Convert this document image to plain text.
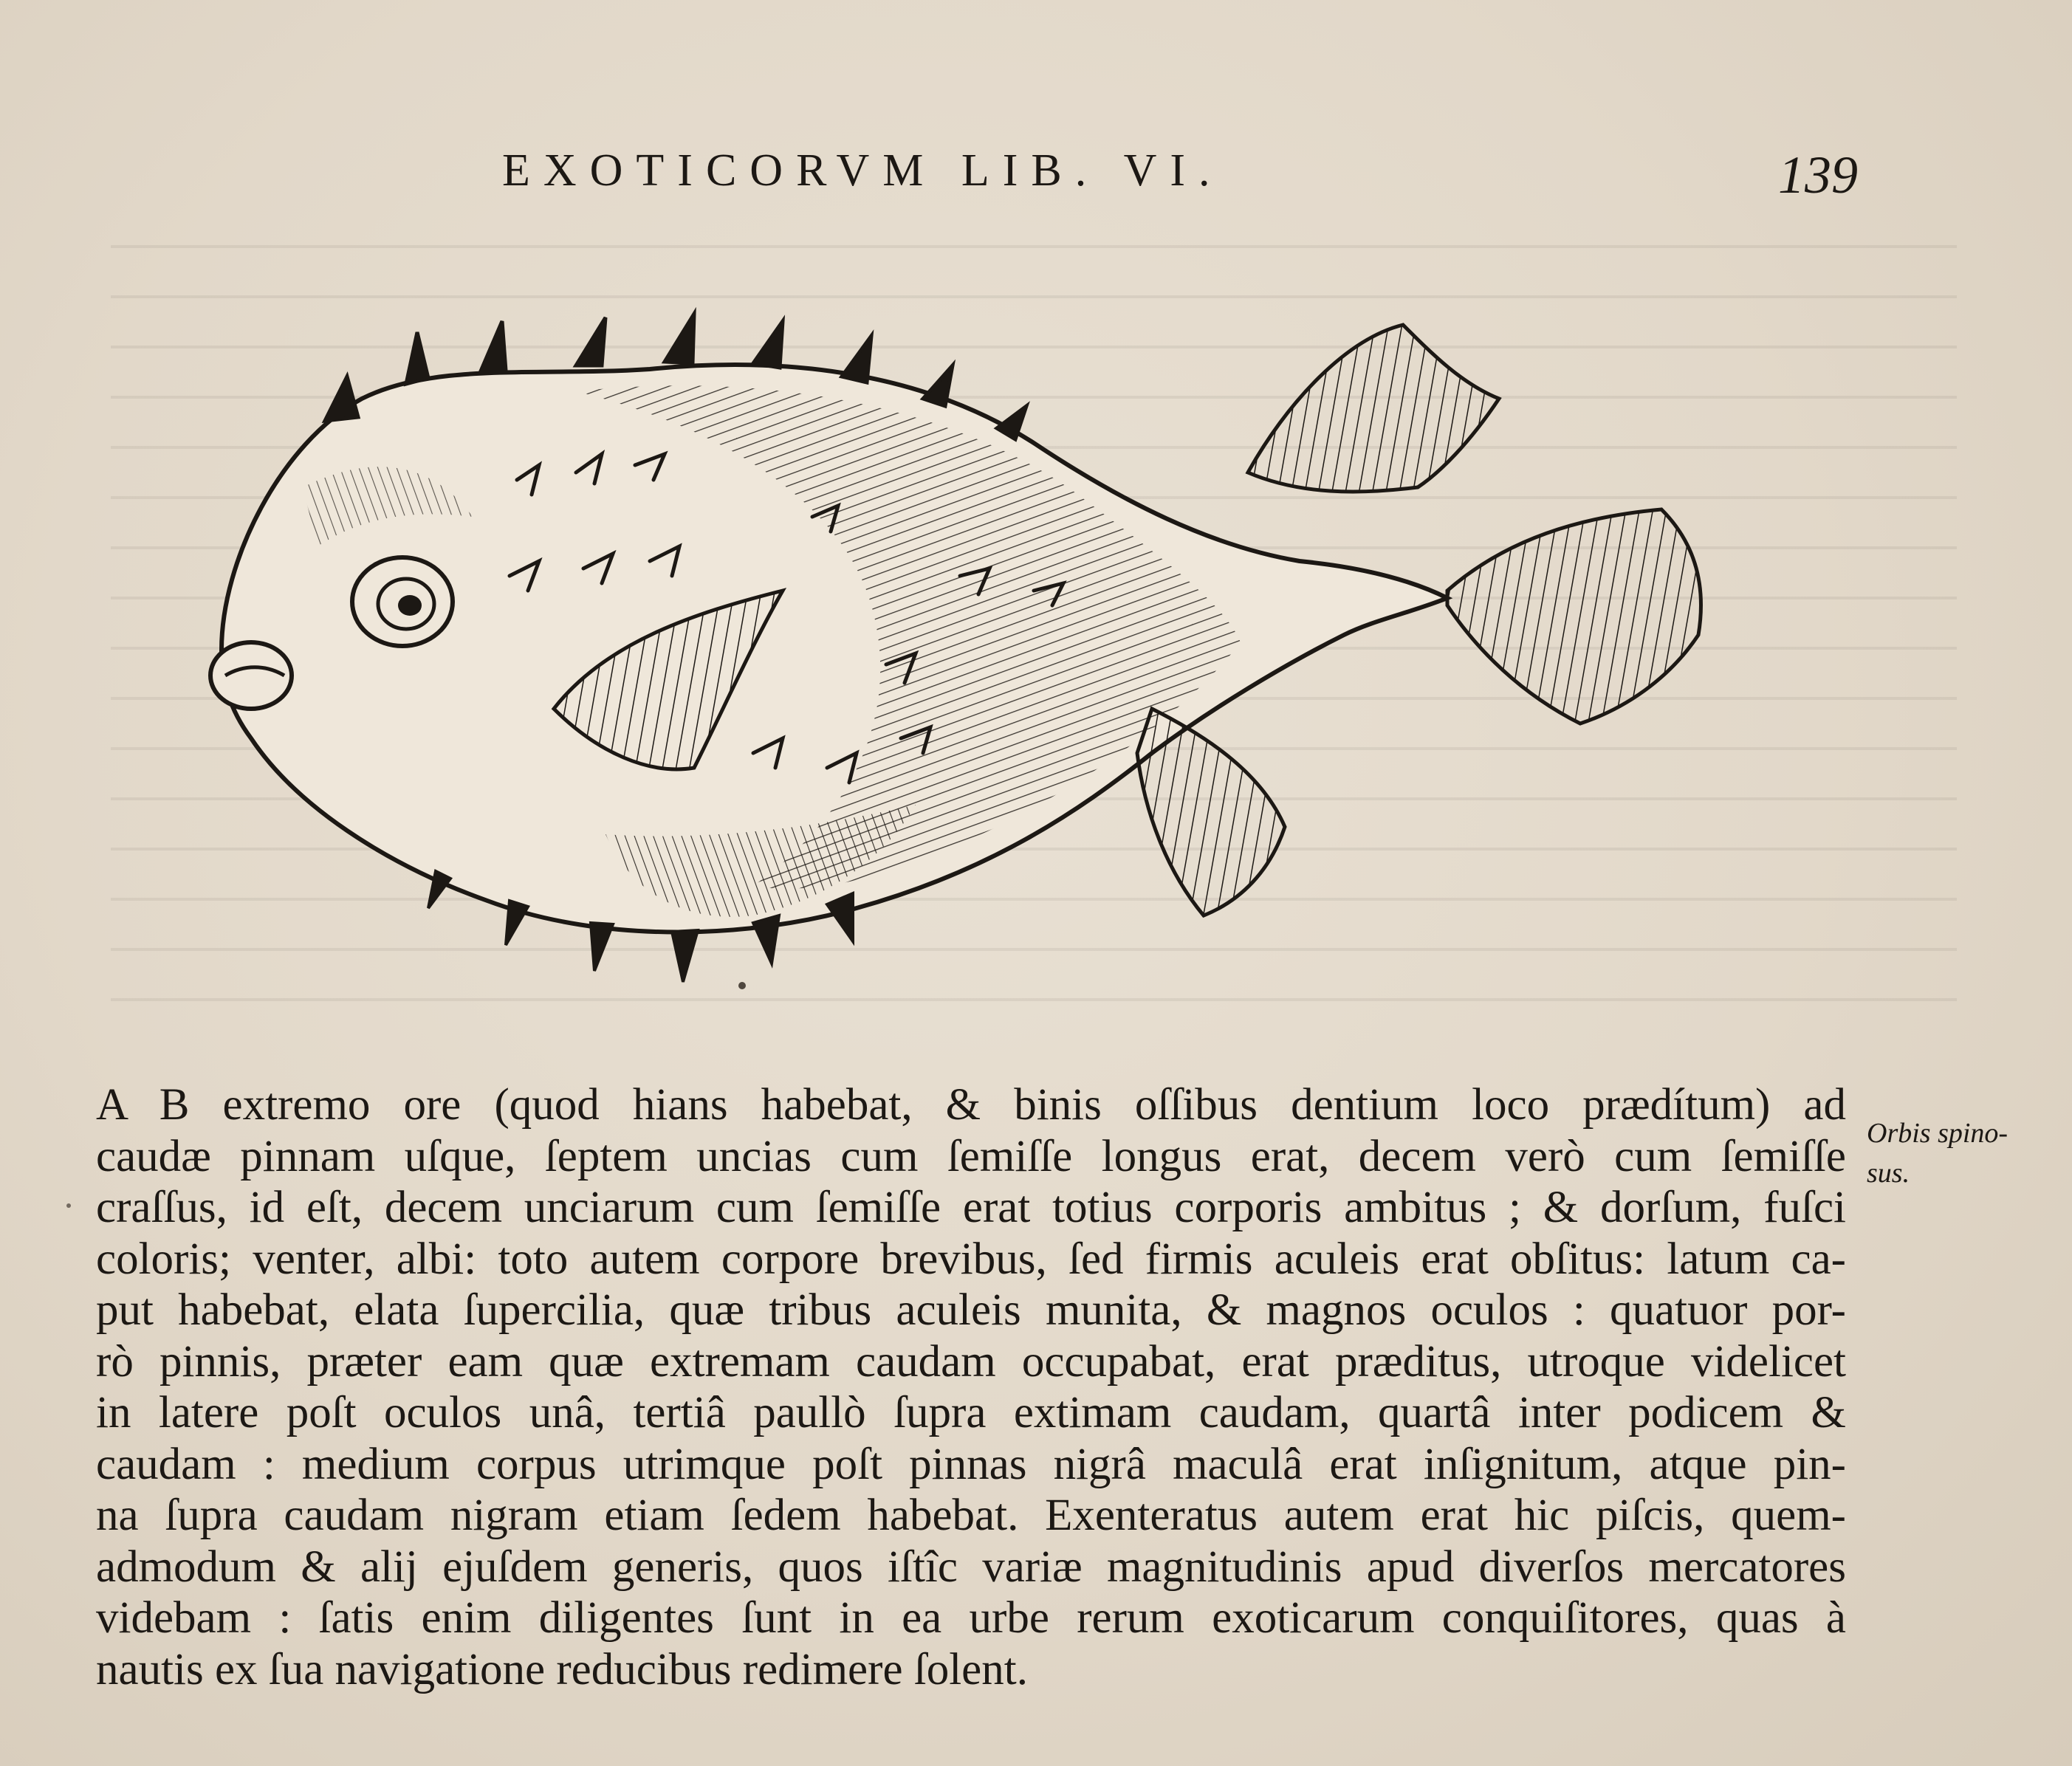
EXOTICORVM LIB. VI.	139
A B extremo ore (quod hians habebat, & binis oſſibus dentium loco prædítum) ad
caudæ pinnam uſque, ſeptem uncias cum ſemiſſe longus erat, decem verò cum ſemiſſe
craſſus, id eſt, decem unciarum cum ſemiſſe erat totius corporis ambitus ; & dorſum, fuſci
coloris; venter, albi: toto autem corpore brevibus, ſed firmis aculeis erat obſitus: latum ca-
put habebat, elata ſupercilia, quæ tribus aculeis munita, & magnos oculos : quatuor por-
rò pinnis, præter eam quæ extremam caudam occupabat, erat præditus, utroque videlicet
in latere poſt oculos unâ, tertiâ paullò ſupra extimam caudam, quartâ inter podicem &
caudam : medium corpus utrimque poſt pinnas nigrâ maculâ erat inſignitum, atque pin-
na ſupra caudam nigram etiam ſedem habebat. Exenteratus autem erat hic piſcis, quem-
admodum & alij ejuſdem generis, quos iſtîc variæ magnitudinis apud diverſos mercatores
videbam : ſatis enim diligentes ſunt in ea urbe rerum exoticarum conquiſitores, quas à
nautis ex ſua navigatione reducibus redimere ſolent.
Orbis spino-
sus.
